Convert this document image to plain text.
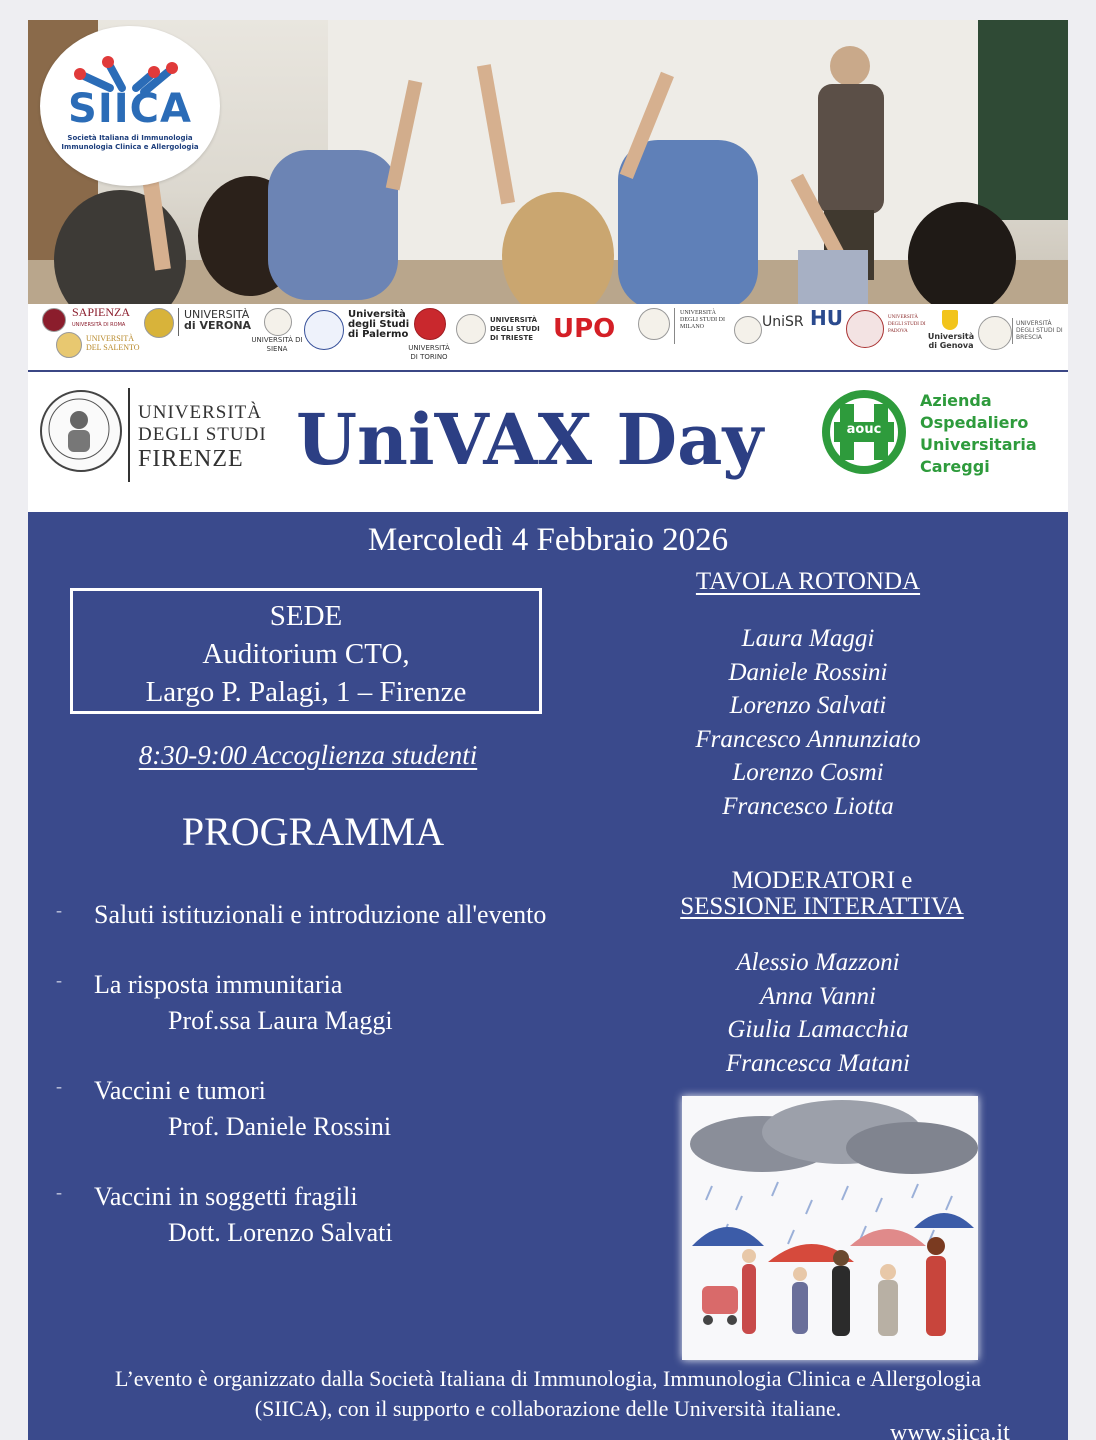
SIICA
Società Italiana di Immunologia
Immunologia Clinica e Allergologia
SAPIENZA
UNIVERSITÀ DI ROMA
UNIVERSITÀ DEL SALENTO
UNIVERSITÀ
di VERONA
UNIVERSITÀ DI SIENA
Università
degli Studi
di Palermo
UNIVERSITÀ DI TORINO
UNIVERSITÀ DEGLI STUDI DI TRIESTE UPO
UNIVERSITÀ DEGLI STUDI DI MILANO	UniSR HU	UNIVERSITÀ DEGLI STUDI DI PADOVA
Università di Genova
UNIVERSITÀ DEGLI STUDI DI BRESCIA
UNIVERSITÀ
DEGLI STUDI
FIRENZE UniVAX Day	aouc
Azienda
Ospedaliero
Universitaria
Careggi
Mercoledì 4 Febbraio 2026
SEDE
Auditorium CTO,
Largo P. Palagi, 1 – Firenze
8:30-9:00 Accoglienza studenti
PROGRAMMA
- Saluti istituzionali e introduzione all'evento
- La risposta immunitaria
Prof.ssa Laura Maggi
- Vaccini e tumori
Prof. Daniele Rossini
- Vaccini in soggetti fragili
Dott. Lorenzo Salvati
TAVOLA ROTONDA
Laura Maggi
Daniele Rossini
Lorenzo Salvati
Francesco Annunziato
Lorenzo Cosmi
Francesco Liotta
MODERATORI e
SESSIONE INTERATTIVA
Alessio Mazzoni
Anna Vanni
Giulia Lamacchia
Francesca Matani
L’evento è organizzato dalla Società Italiana di Immunologia, Immunologia Clinica e Allergologia
(SIICA), con il supporto e collaborazione delle Università italiane.
www.siica.it
